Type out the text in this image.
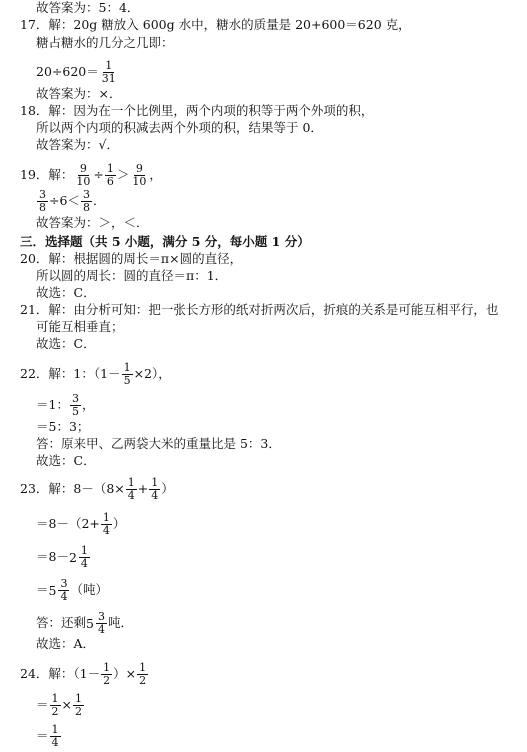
故答案为：5：4．
17．解：20g 糖放入 600g 水中，糖水的质量是 20+600＝620 克，
糖占糖水的几分之几即：
$20\div 620= \frac{1}{31}$
故答案为：×．
18．解：因为在一个比例里，两个内项的积等于两个外项的积，
所以两个内项的积减去两个外项的积，结果等于 0．
故答案为：√．
19．解： $\frac{9}{10} \div \frac{1}{6} > \frac{9}{10}$ ，
$\frac{3}{8} \div 6< \frac{3}{8}$ ．
故答案为：＞，＜．
三．选择题（共 5 小题，满分 5 分，每小题 1 分）
20．解：根据圆的周长＝π×圆的直径，
所以圆的周长：圆的直径＝π：1．
故选：C．
21．解：由分析可知：把一张长方形的纸对折两次后，折痕的关系是可能互相平行，也
可能互相垂直；
故选：C．
22．解：1：$(1- \frac{1}{5} \times 2)$，
＝1： $\frac{3}{5}$ ，
＝5：3；
答：原来甲、乙两袋大米的重量比是 5：3．
故选：C．
23．解：$8-(8\times \frac{1}{4} + \frac{1}{4}$ ）
$=8-(2+ \frac{1}{4}$ ）
$=8- 2 \frac{1}{4}$
＝ $5 \frac{3}{4}$ （吨）
答：还剩 $5 \frac{3}{4}$ 吨．
故选：A．
24．解：（$1- \frac{1}{2}$ ）× $\frac{1}{2}$
＝ $\frac{1}{2} \times \frac{1}{2}$
＝ $\frac{1}{4}$
